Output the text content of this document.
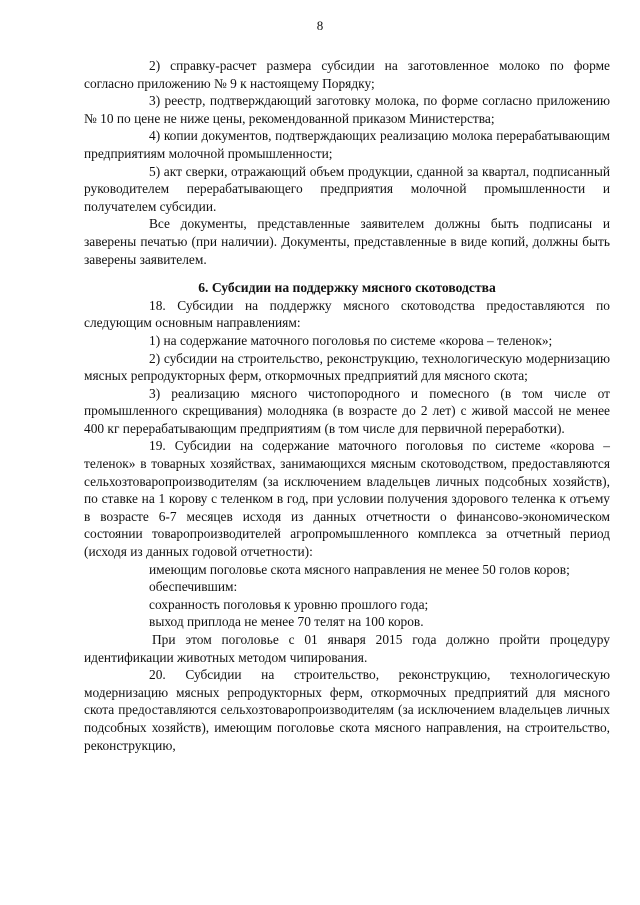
8

2) справку-расчет размера субсидии на заготовленное молоко по форме согласно приложению № 9 к настоящему Порядку;

3) реестр, подтверждающий заготовку молока, по форме согласно приложению № 10 по цене не ниже цены, рекомендованной приказом Министерства;

4) копии документов, подтверждающих реализацию молока перерабатывающим предприятиям молочной промышленности;

5) акт сверки, отражающий объем продукции, сданной за квартал, подписанный руководителем перерабатывающего предприятия молочной промышленности и получателем субсидии.

Все документы, представленные заявителем должны быть подписаны и заверены печатью (при наличии). Документы, представленные в виде копий, должны быть заверены заявителем.

6. Субсидии на поддержку мясного скотоводства

18. Субсидии на поддержку мясного скотоводства предоставляются по следующим основным направлениям:

1) на содержание маточного поголовья по системе «корова – теленок»;

2) субсидии на строительство, реконструкцию, технологическую модернизацию мясных репродукторных ферм, откормочных предприятий для мясного скота;

3) реализацию мясного чистопородного и помесного (в том числе от промышленного скрещивания) молодняка (в возрасте до 2 лет) с живой массой не менее 400 кг перерабатывающим предприятиям (в том числе для первичной переработки).

19. Субсидии на содержание маточного поголовья по системе «корова – теленок» в товарных хозяйствах, занимающихся мясным скотоводством, предоставляются сельхозтоваропроизводителям (за исключением владельцев личных подсобных хозяйств), по ставке на 1 корову с теленком в год, при условии получения здорового теленка к отъему в возрасте 6-7 месяцев исходя из данных отчетности о финансово-экономическом состоянии товаропроизводителей агропромышленного комплекса за отчетный период (исходя из данных годовой отчетности):

имеющим поголовье скота мясного направления не менее 50 голов коров;

обеспечившим:

сохранность поголовья к уровню прошлого года;

выход приплода не менее 70 телят на 100 коров.

При этом поголовье с 01 января 2015 года должно пройти процедуру идентификации животных методом чипирования.

20. Субсидии на строительство, реконструкцию, технологическую модернизацию мясных репродукторных ферм, откормочных предприятий для мясного скота предоставляются сельхозтоваропроизводителям (за исключением владельцев личных подсобных хозяйств), имеющим поголовье скота мясного направления, на строительство, реконструкцию,
